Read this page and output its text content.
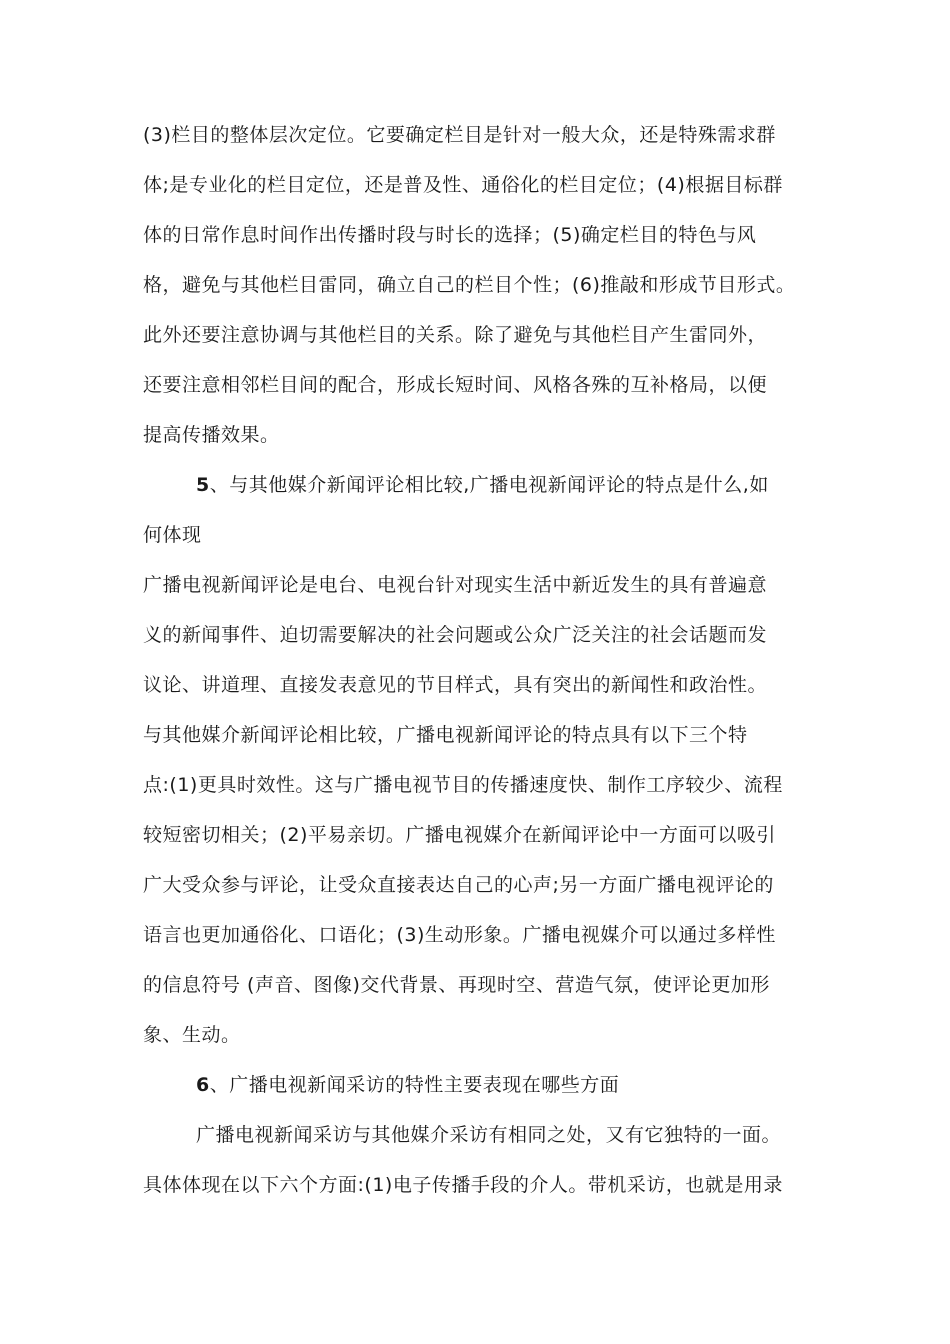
(3)栏目的整体层次定位。它要确定栏目是针对一般大众，还是特殊需求群
体;是专业化的栏目定位，还是普及性、通俗化的栏目定位；(4)根据目标群
体的日常作息时间作出传播时段与时长的选择；(5)确定栏目的特色与风
格，避免与其他栏目雷同，确立自己的栏目个性；(6)推敲和形成节目形式。
此外还要注意协调与其他栏目的关系。除了避免与其他栏目产生雷同外，
还要注意相邻栏目间的配合，形成长短时间、风格各殊的互补格局，以便
提高传播效果。
5、与其他媒介新闻评论相比较,广播电视新闻评论的特点是什么,如
何体现
广播电视新闻评论是电台、电视台针对现实生活中新近发生的具有普遍意
义的新闻事件、迫切需要解决的社会问题或公众广泛关注的社会话题而发
议论、讲道理、直接发表意见的节目样式，具有突出的新闻性和政治性。
与其他媒介新闻评论相比较，广播电视新闻评论的特点具有以下三个特
点:(1)更具时效性。这与广播电视节目的传播速度快、制作工序较少、流程
较短密切相关；(2)平易亲切。广播电视媒介在新闻评论中一方面可以吸引
广大受众参与评论，让受众直接表达自己的心声;另一方面广播电视评论的
语言也更加通俗化、口语化；(3)生动形象。广播电视媒介可以通过多样性
的信息符号 (声音、图像)交代背景、再现时空、营造气氛，使评论更加形
象、生动。
6、广播电视新闻采访的特性主要表现在哪些方面
广播电视新闻采访与其他媒介采访有相同之处，又有它独特的一面。
具体体现在以下六个方面:(1)电子传播手段的介人。带机采访，也就是用录
